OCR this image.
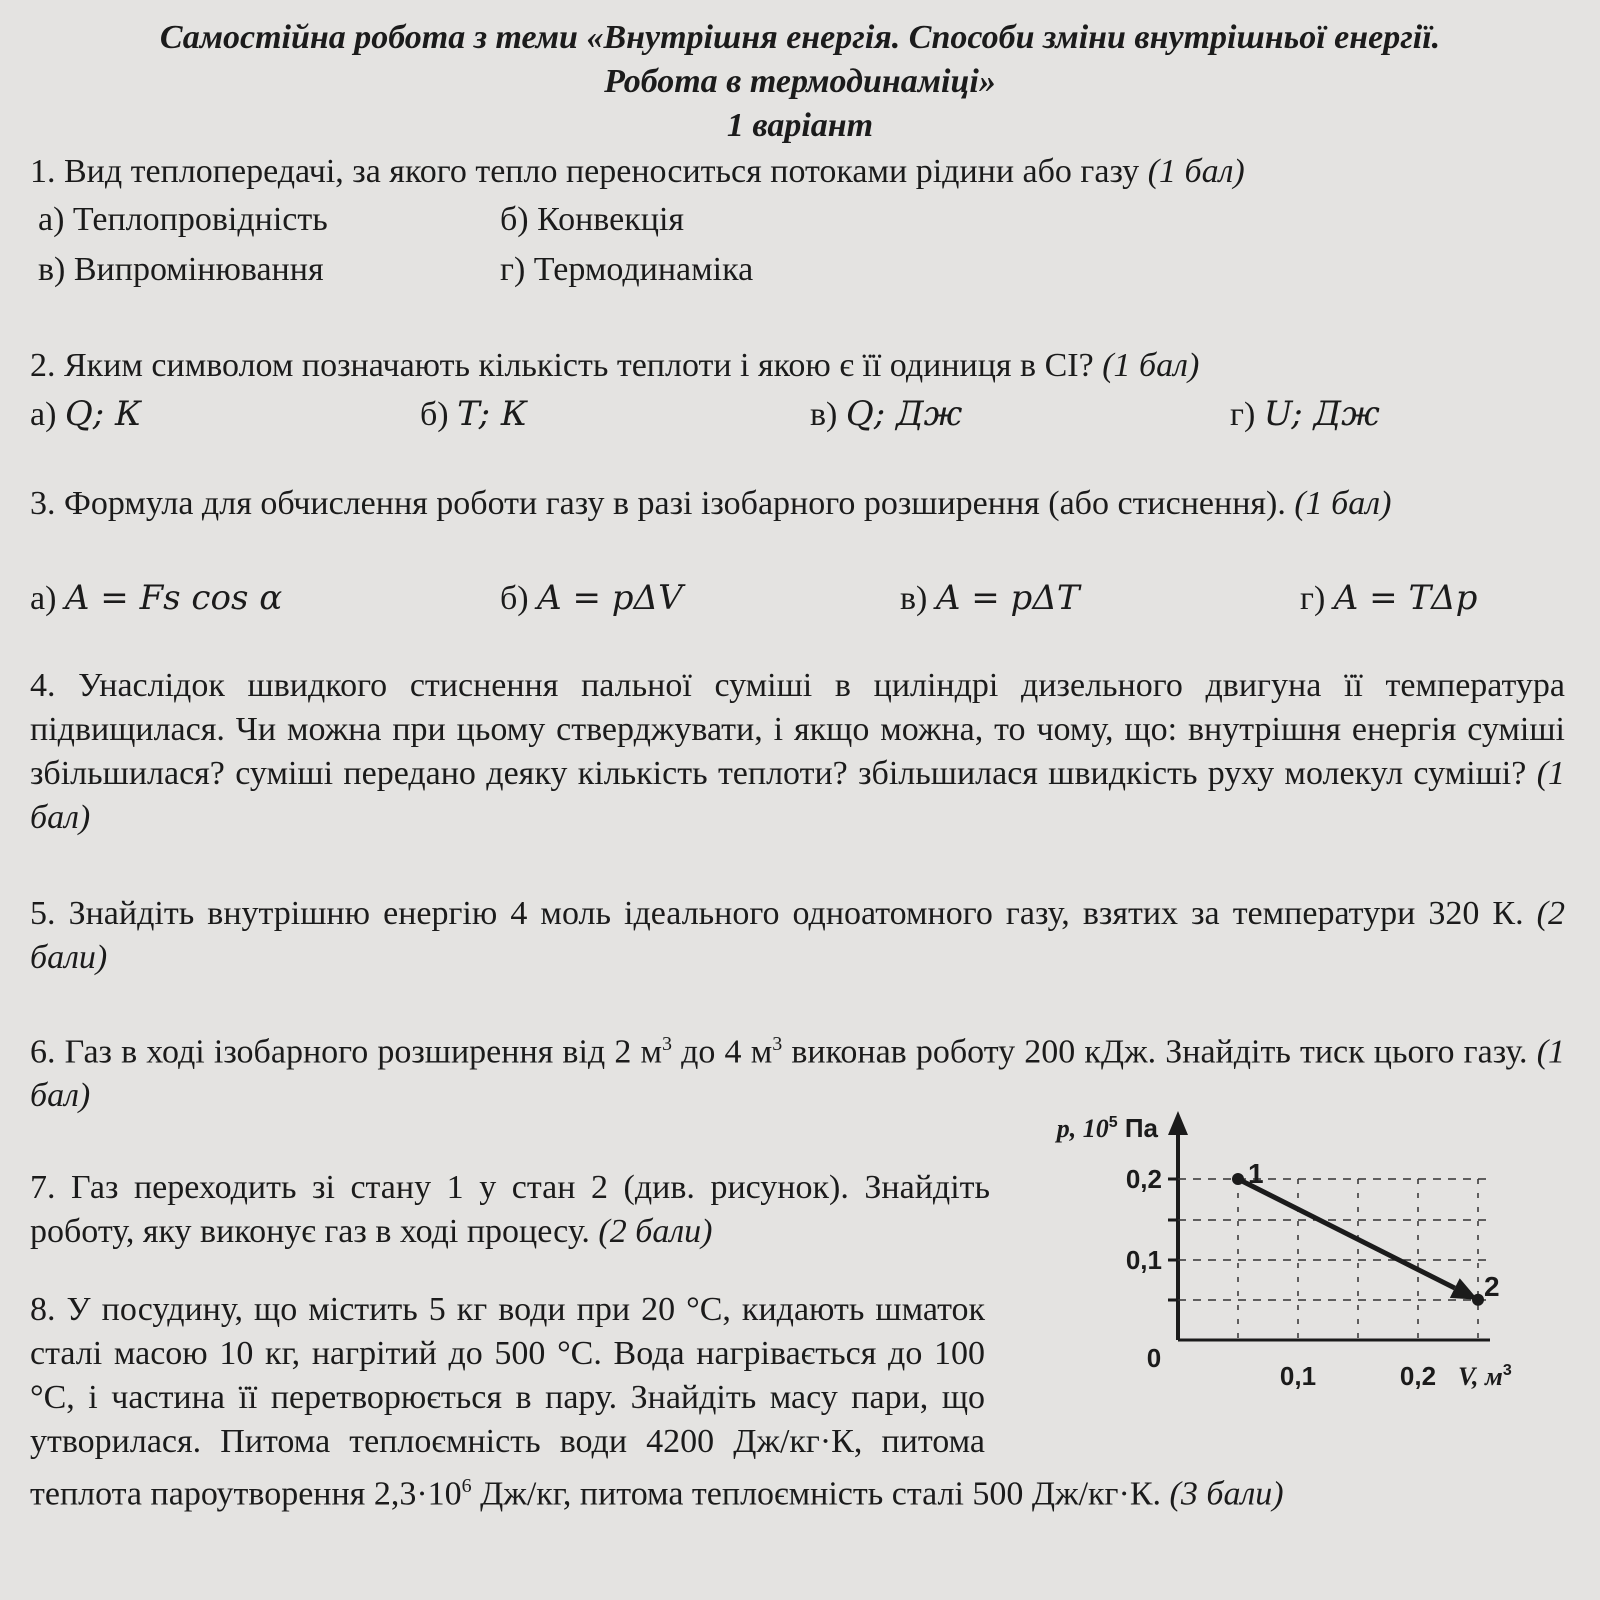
Самостійна робота з теми «Внутрішня енергія. Способи зміни внутрішньої енергії.
Робота в термодинаміці»
1 варіант
1. Вид теплопередачі, за якого тепло переноситься потоками рідини або газу (1 бал)
а) Теплопровідність	б) Конвекція
в) Випромінювання	г) Термодинаміка
2. Яким символом позначають кількість теплоти і якою є її одиниця в СІ? (1 бал)
а) Q; К	б) T; К	в) Q; Дж	г) U; Дж
3. Формула для обчислення роботи газу в разі ізобарного розширення (або стиснення). (1 бал)
а) A = Fs cos α	б) A = pΔV	в) A = pΔT	г) A = TΔp
4. Унаслідок швидкого стиснення пальної суміші в циліндрі дизельного двигуна її температура підвищилася. Чи можна при цьому стверджувати, і якщо можна, то чому, що: внутрішня енергія суміші збільшилася? суміші передано деяку кількість теплоти? збільшилася швидкість руху молекул суміші? (1 бал)
5. Знайдіть внутрішню енергію 4 моль ідеального одноатомного газу, взятих за температури 320 К. (2 бали)
6. Газ в ході ізобарного розширення від 2 $м^3$ до 4 $м^3$ виконав роботу 200 кДж. Знайдіть тиск цього газу. (1 бал)
7. Газ переходить зі стану 1 у стан 2 (див. рисунок). Знайдіть роботу, яку виконує газ в ході процесу. (2 бали)
8. У посудину, що містить 5 кг води при 20 °С, кидають шматок сталі масою 10 кг, нагрітий до 500 °С. Вода нагрівається до 100 °С, і частина її перетворюється в пару. Знайдіть масу пари, що утворилася. Питома теплоємність води 4200 Дж/кг·К, питома теплота пароутворення $2,3\cdot 10^6$ Дж/кг, питома теплоємність сталі 500 Дж/кг·К. (3 бали)
p, $10^5$ Па
0,2
0,1
0
0,1	0,2 V, $м^3$
1
2
